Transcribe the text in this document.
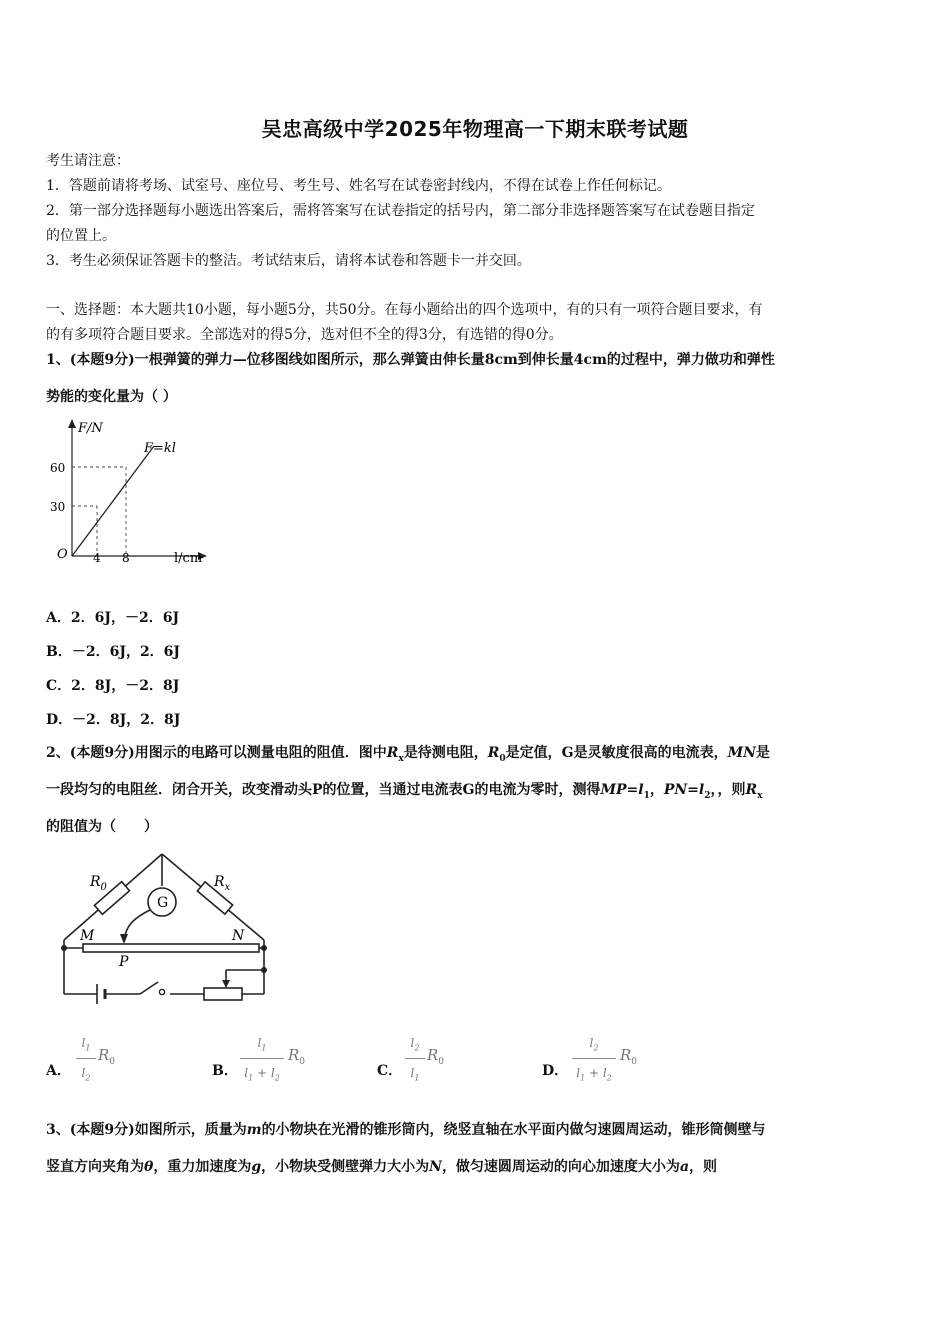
吴忠高级中学2025年物理高一下期末联考试题
考生请注意：
1．答题前请将考场、试室号、座位号、考生号、姓名写在试卷密封线内，不得在试卷上作任何标记。
2．第一部分选择题每小题选出答案后，需将答案写在试卷指定的括号内，第二部分非选择题答案写在试卷题目指定
的位置上。
3．考生必须保证答题卡的整洁。考试结束后，请将本试卷和答题卡一并交回。
一、选择题：本大题共10小题，每小题5分，共50分。在每小题给出的四个选项中，有的只有一项符合题目要求，有
的有多项符合题目要求。全部选对的得5分，选对但不全的得3分，有选错的得0分。
1、(本题9分)一根弹簧的弹力—位移图线如图所示，那么弹簧由伸长量8cm到伸长量4cm的过程中，弹力做功和弹性
势能的变化量为（ ）
F/N
F=kl
60
30
O 4 8	l/cm
A．2．6J，－2．6J
B．－2．6J，2．6J
C．2．8J，－2．8J
D．－2．8J，2．8J
2、(本题9分)用图示的电路可以测量电阻的阻值．图中$R_x$是待测电阻，$R_0$是定值，G是灵敏度很高的电流表，MN是
一段均匀的电阻丝．闭合开关，改变滑动头P的位置，当通过电流表G的电流为零时，测得$MP=l_1$，$PN=l_2$，，则$R_x$
的阻值为（　　）
$R_0$	$R_x$
G
M	N
P
A．
$l_1$
$l_2$
$R_0$
B．
$l_1$
$l_1 + l_2$
$R_0$
C．
$l_2$
$l_1$
$R_0$
D．
$l_2$
$l_1 + l_2$
$R_0$
3、(本题9分)如图所示，质量为m的小物块在光滑的锥形筒内，绕竖直轴在水平面内做匀速圆周运动，锥形筒侧壁与
竖直方向夹角为θ，重力加速度为g，小物块受侧壁弹力大小为N，做匀速圆周运动的向心加速度大小为a，则
